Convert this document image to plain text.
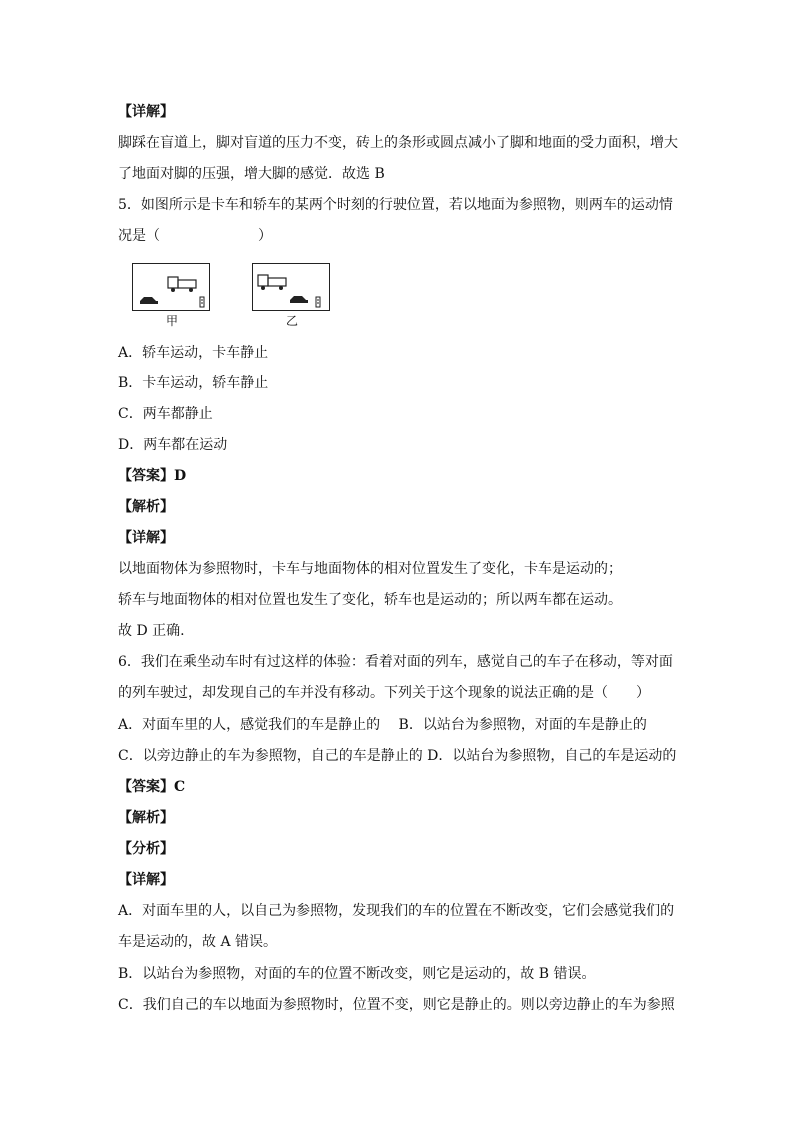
【详解】
脚踩在盲道上，脚对盲道的压力不变，砖上的条形或圆点减小了脚和地面的受力面积，增大
了地面对脚的压强，增大脚的感觉．故选 B
5．如图所示是卡车和轿车的某两个时刻的行驶位置，若以地面为参照物，则两车的运动情
况是（　　　　　　　）
甲	乙
A．轿车运动，卡车静止
B．卡车运动，轿车静止
C．两车都静止
D．两车都在运动
【答案】D
【解析】
【详解】
以地面物体为参照物时，卡车与地面物体的相对位置发生了变化，卡车是运动的；
轿车与地面物体的相对位置也发生了变化，轿车也是运动的；所以两车都在运动。
故 D 正确.
6．我们在乘坐动车时有过这样的体验：看着对面的列车，感觉自己的车子在移动，等对面
的列车驶过，却发现自己的车并没有移动。下列关于这个现象的说法正确的是（　　）
A．对面车里的人，感觉我们的车是静止的　 B．以站台为参照物，对面的车是静止的
C．以旁边静止的车为参照物，自己的车是静止的 D．以站台为参照物，自己的车是运动的
【答案】C
【解析】
【分析】
【详解】
A．对面车里的人，以自己为参照物，发现我们的车的位置在不断改变，它们会感觉我们的
车是运动的，故 A 错误。
B．以站台为参照物，对面的车的位置不断改变，则它是运动的，故 B 错误。
C．我们自己的车以地面为参照物时，位置不变，则它是静止的。则以旁边静止的车为参照
